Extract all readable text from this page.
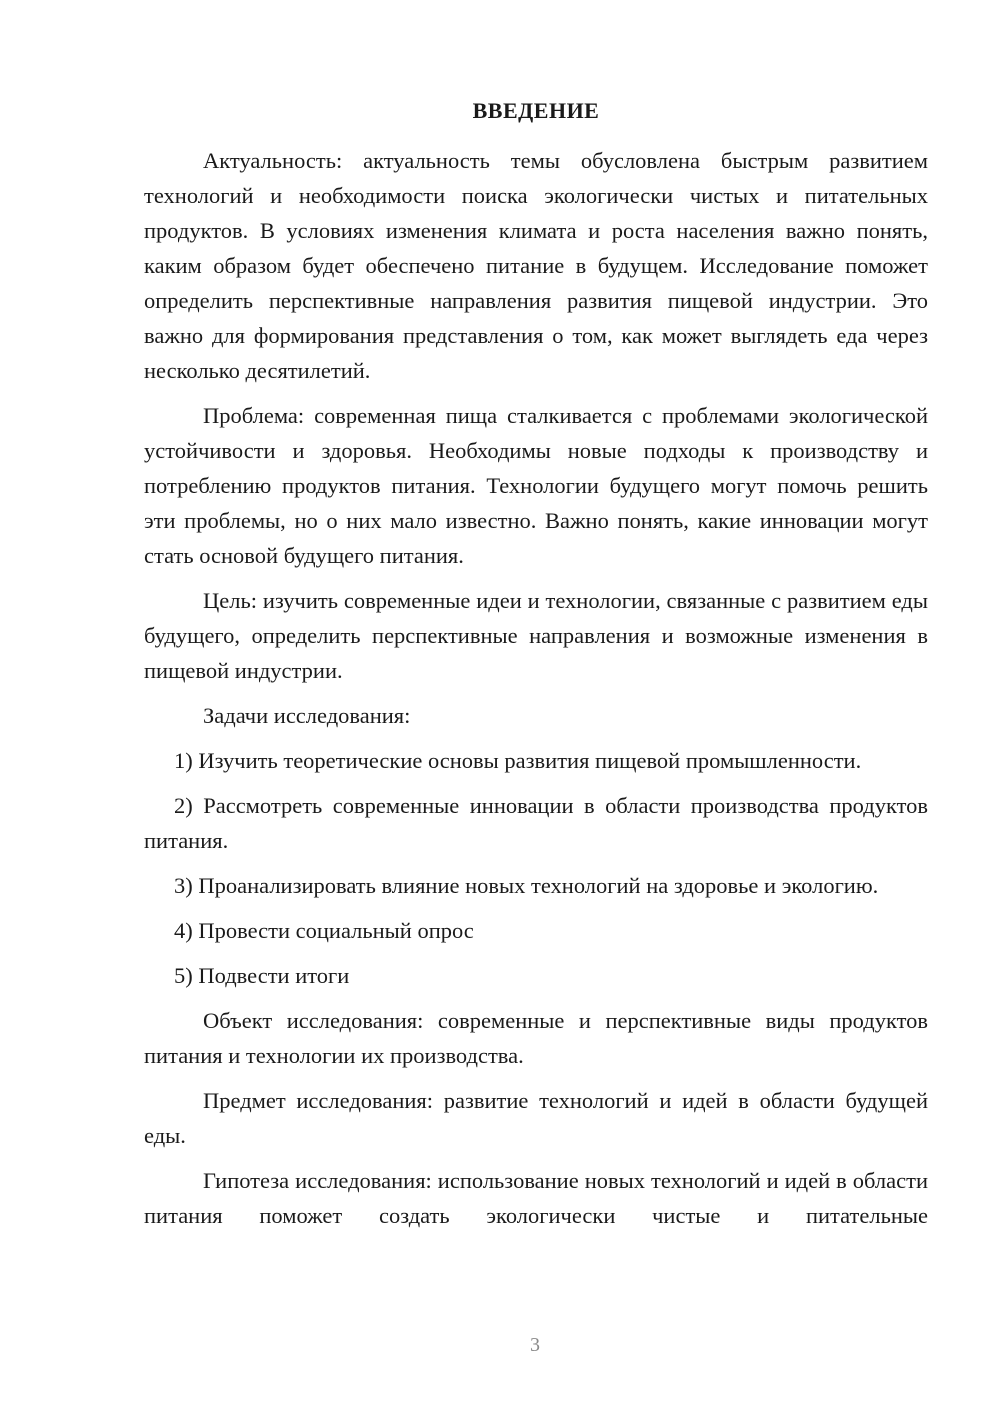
ВВЕДЕНИЕ

Актуальность: актуальность темы обусловлена быстрым развитием технологий и необходимости поиска экологически чистых и питательных продуктов. В условиях изменения климата и роста населения важно понять, каким образом будет обеспечено питание в будущем. Исследование поможет определить перспективные направления развития пищевой индустрии. Это важно для формирования представления о том, как может выглядеть еда через несколько десятилетий.

Проблема: современная пища сталкивается с проблемами экологической устойчивости и здоровья. Необходимы новые подходы к производству и потреблению продуктов питания. Технологии будущего могут помочь решить эти проблемы, но о них мало известно. Важно понять, какие инновации могут стать основой будущего питания.

Цель: изучить современные идеи и технологии, связанные с развитием еды будущего, определить перспективные направления и возможные изменения в пищевой индустрии.

Задачи исследования:

1) Изучить теоретические основы развития пищевой промышленности.

2) Рассмотреть современные инновации в области производства продуктов питания.

3) Проанализировать влияние новых технологий на здоровье и экологию.

4) Провести социальный опрос

5) Подвести итоги

Объект исследования: современные и перспективные виды продуктов питания и технологии их производства.

Предмет исследования: развитие технологий и идей в области будущей еды.

Гипотеза исследования: использование новых технологий и идей в области питания поможет создать экологически чистые и питательные

3
